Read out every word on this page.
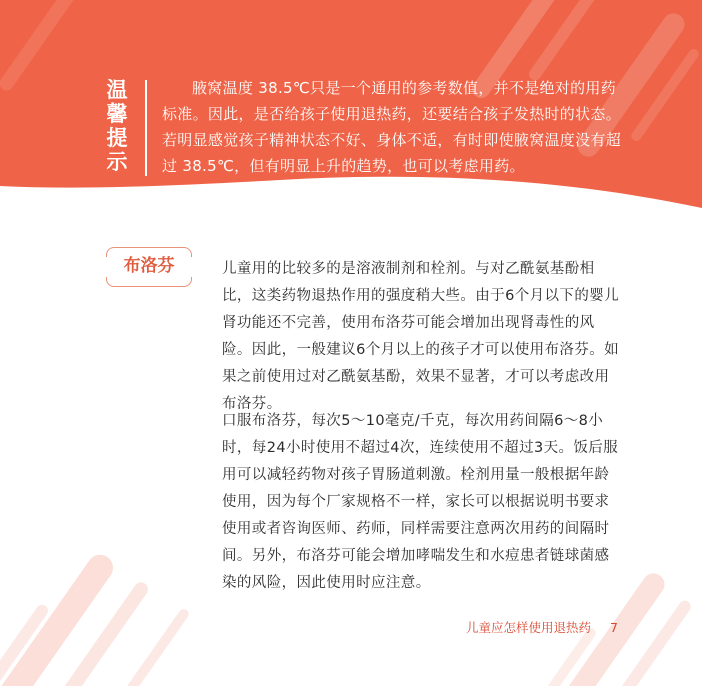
温
馨
提
示

腋窝温度 38.5℃只是一个通用的参考数值，并不是绝对的用药标准。因此，是否给孩子使用退热药，还要结合孩子发热时的状态。若明显感觉孩子精神状态不好、身体不适，有时即使腋窝温度没有超过 38.5℃，但有明显上升的趋势，也可以考虑用药。

布洛芬	儿童用的比较多的是溶液制剂和栓剂。与对乙酰氨基酚相比，这类药物退热作用的强度稍大些。由于6个月以下的婴儿肾功能还不完善，使用布洛芬可能会增加出现肾毒性的风险。因此，一般建议6个月以上的孩子才可以使用布洛芬。如果之前使用过对乙酰氨基酚，效果不显著，才可以考虑改用布洛芬。

口服布洛芬，每次5～10毫克/千克，每次用药间隔6～8小时，每24小时使用不超过4次，连续使用不超过3天。饭后服用可以减轻药物对孩子胃肠道刺激。栓剂用量一般根据年龄使用，因为每个厂家规格不一样，家长可以根据说明书要求使用或者咨询医师、药师，同样需要注意两次用药的间隔时间。另外，布洛芬可能会增加哮喘发生和水痘患者链球菌感染的风险，因此使用时应注意。

儿童应怎样使用退热药 7
